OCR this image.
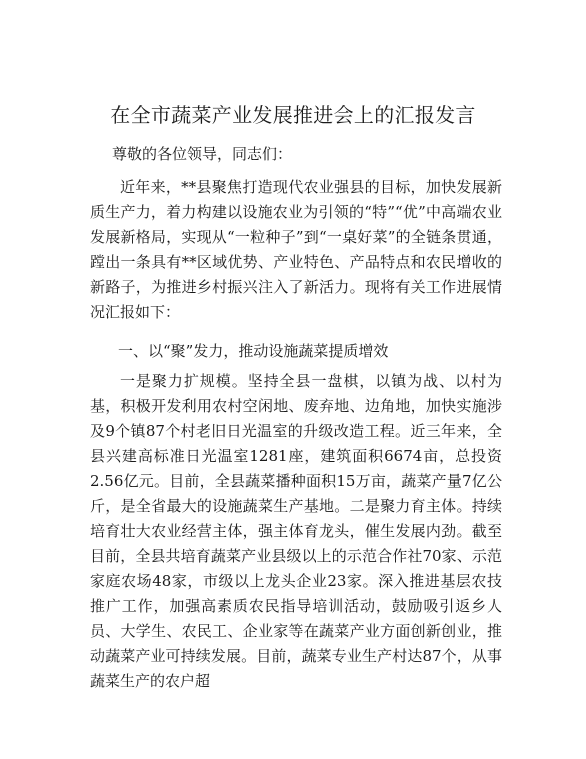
在全市蔬菜产业发展推进会上的汇报发言

尊敬的各位领导，同志们：

近年来，**县聚焦打造现代农业强县的目标，加快发展新质生产力，着力构建以设施农业为引领的“特”“优”中高端农业发展新格局，实现从“一粒种子”到“一桌好菜”的全链条贯通，蹚出一条具有**区域优势、产业特色、产品特点和农民增收的新路子，为推进乡村振兴注入了新活力。现将有关工作进展情况汇报如下：

一、以“聚”发力，推动设施蔬菜提质增效

一是聚力扩规模。坚持全县一盘棋，以镇为战、以村为基，积极开发利用农村空闲地、废弃地、边角地，加快实施涉及9个镇87个村老旧日光温室的升级改造工程。近三年来，全县兴建高标准日光温室1281座，建筑面积6674亩，总投资2.56亿元。目前，全县蔬菜播种面积15万亩，蔬菜产量7亿公斤，是全省最大的设施蔬菜生产基地。二是聚力育主体。持续培育壮大农业经营主体，强主体育龙头，催生发展内劲。截至目前，全县共培育蔬菜产业县级以上的示范合作社70家、示范家庭农场48家，市级以上龙头企业23家。深入推进基层农技推广工作，加强高素质农民指导培训活动，鼓励吸引返乡人员、大学生、农民工、企业家等在蔬菜产业方面创新创业，推动蔬菜产业可持续发展。目前，蔬菜专业生产村达87个，从事蔬菜生产的农户超
